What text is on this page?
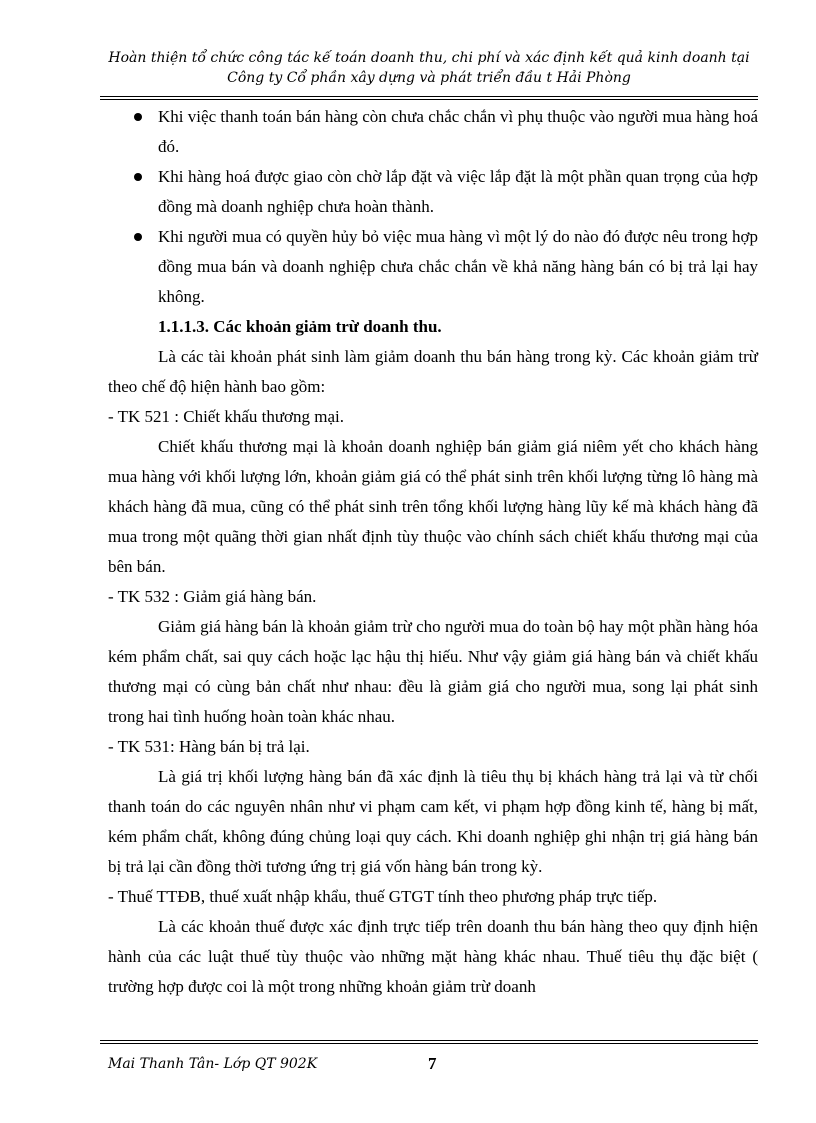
Hoàn thiện tổ chức công tác kế toán doanh thu, chi phí và xác định kết quả kinh doanh tại
Công ty Cổ phần xây dựng và phát triển đầu t Hải Phòng

Khi việc thanh toán bán hàng còn chưa chắc chắn vì phụ thuộc vào người mua hàng hoá đó.

Khi hàng hoá được giao còn chờ lắp đặt và việc lắp đặt là một phần quan trọng của hợp đồng mà doanh nghiệp chưa hoàn thành.

Khi người mua có quyền hủy bỏ việc mua hàng vì một lý do nào đó được nêu trong hợp đồng mua bán và doanh nghiệp chưa chắc chắn về khả năng hàng bán có bị trả lại hay không.

1.1.1.3. Các khoản giảm trừ doanh thu.

Là các tài khoản phát sinh làm giảm doanh thu bán hàng trong kỳ. Các khoản giảm trừ theo chế độ hiện hành bao gồm:

- TK 521 : Chiết khấu thương mại.

Chiết khấu thương mại là khoản doanh nghiệp bán giảm giá niêm yết cho khách hàng mua hàng với khối lượng lớn, khoản giảm giá có thể phát sinh trên khối lượng từng lô hàng mà khách hàng đã mua, cũng có thể phát sinh trên tổng khối lượng hàng lũy kế mà khách hàng đã mua trong một quãng thời gian nhất định tùy thuộc vào chính sách chiết khấu thương mại của bên bán.

- TK 532 : Giảm giá hàng bán.

Giảm giá hàng bán là khoản giảm trừ cho người mua do toàn bộ hay một phần hàng hóa kém phẩm chất, sai quy cách hoặc lạc hậu thị hiếu. Như vậy giảm giá hàng bán và chiết khấu thương mại có cùng bản chất như nhau: đều là giảm giá cho người mua, song lại phát sinh trong hai tình huống hoàn toàn khác nhau.

- TK 531: Hàng bán bị trả lại.

Là giá trị khối lượng hàng bán đã xác định là tiêu thụ bị khách hàng trả lại và từ chối thanh toán do các nguyên nhân như vi phạm cam kết, vi phạm hợp đồng kinh tế, hàng bị mất, kém phẩm chất, không đúng chủng loại quy cách. Khi doanh nghiệp ghi nhận trị giá hàng bán bị trả lại cần đồng thời tương ứng trị giá vốn hàng bán trong kỳ.

- Thuế TTĐB, thuế xuất nhập khẩu, thuế GTGT tính theo phương pháp trực tiếp.

Là các khoản thuế được xác định trực tiếp trên doanh thu bán hàng theo quy định hiện hành của các luật thuế tùy thuộc vào những mặt hàng khác nhau. Thuế tiêu thụ đặc biệt ( trường hợp được coi là một trong những khoản giảm trừ doanh

Mai Thanh Tân- Lớp QT 902K	7
